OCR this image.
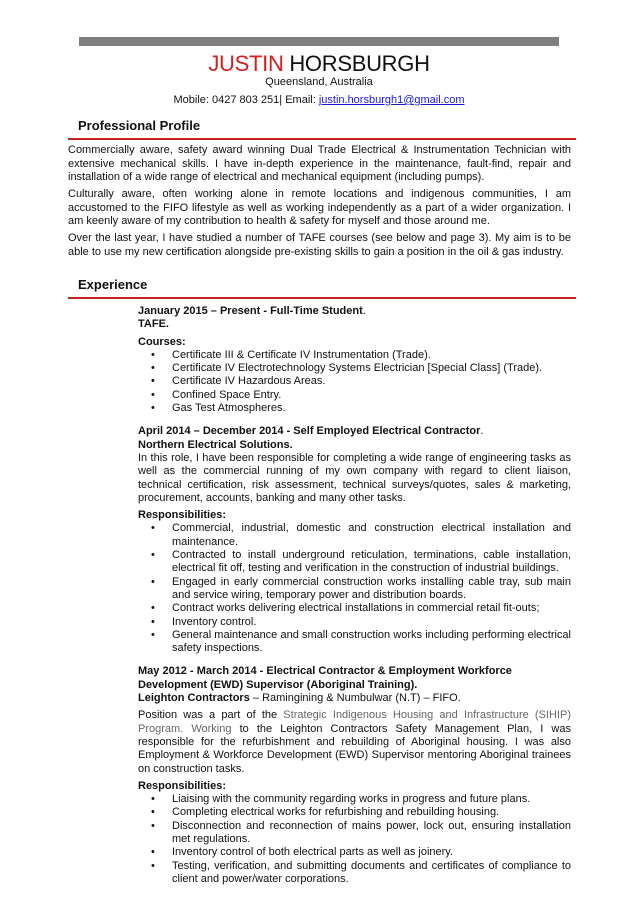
JUSTIN HORSBURGH
Queensland, Australia
Mobile: 0427 803 251| Email: justin.horsburgh1@gmail.com
Professional Profile

Commercially aware, safety award winning Dual Trade Electrical & Instrumentation Technician with extensive mechanical skills. I have in-depth experience in the maintenance, fault-find, repair and installation of a wide range of electrical and mechanical equipment (including pumps).

Culturally aware, often working alone in remote locations and indigenous communities, I am accustomed to the FIFO lifestyle as well as working independently as a part of a wider organization. I am keenly aware of my contribution to health & safety for myself and those around me.

Over the last year, I have studied a number of TAFE courses (see below and page 3). My aim is to be able to use my new certification alongside pre-existing skills to gain a position in the oil & gas industry.

Experience

January 2015 – Present - Full-Time Student.

TAFE.

Courses:

• Certificate III & Certificate IV Instrumentation (Trade).
• Certificate IV Electrotechnology Systems Electrician [Special Class] (Trade).
• Certificate IV Hazardous Areas.
• Confined Space Entry.
• Gas Test Atmospheres.

April 2014 – December 2014 - Self Employed Electrical Contractor.

Northern Electrical Solutions.

In this role, I have been responsible for completing a wide range of engineering tasks as well as the commercial running of my own company with regard to client liaison, technical certification, risk assessment, technical surveys/quotes, sales & marketing, procurement, accounts, banking and many other tasks.

Responsibilities:

• Commercial, industrial, domestic and construction electrical installation and maintenance.
• Contracted to install underground reticulation, terminations, cable installation, electrical fit off, testing and verification in the construction of industrial buildings.
• Engaged in early commercial construction works installing cable tray, sub main and service wiring, temporary power and distribution boards.
• Contract works delivering electrical installations in commercial retail fit-outs;
• Inventory control.
• General maintenance and small construction works including performing electrical safety inspections.

May 2012 - March 2014 - Electrical Contractor & Employment Workforce Development (EWD) Supervisor (Aboriginal Training).

Leighton Contractors – Ramingining & Numbulwar (N.T) – FIFO.

Position was a part of the Strategic Indigenous Housing and Infrastructure (SIHIP) Program. Working to the Leighton Contractors Safety Management Plan, I was responsible for the refurbishment and rebuilding of Aboriginal housing. I was also Employment & Workforce Development (EWD) Supervisor mentoring Aboriginal trainees on construction tasks.

Responsibilities:

• Liaising with the community regarding works in progress and future plans.
• Completing electrical works for refurbishing and rebuilding housing.
• Disconnection and reconnection of mains power, lock out, ensuring installation met regulations.
• Inventory control of both electrical parts as well as joinery.
• Testing, verification, and submitting documents and certificates of compliance to client and power/water corporations.
